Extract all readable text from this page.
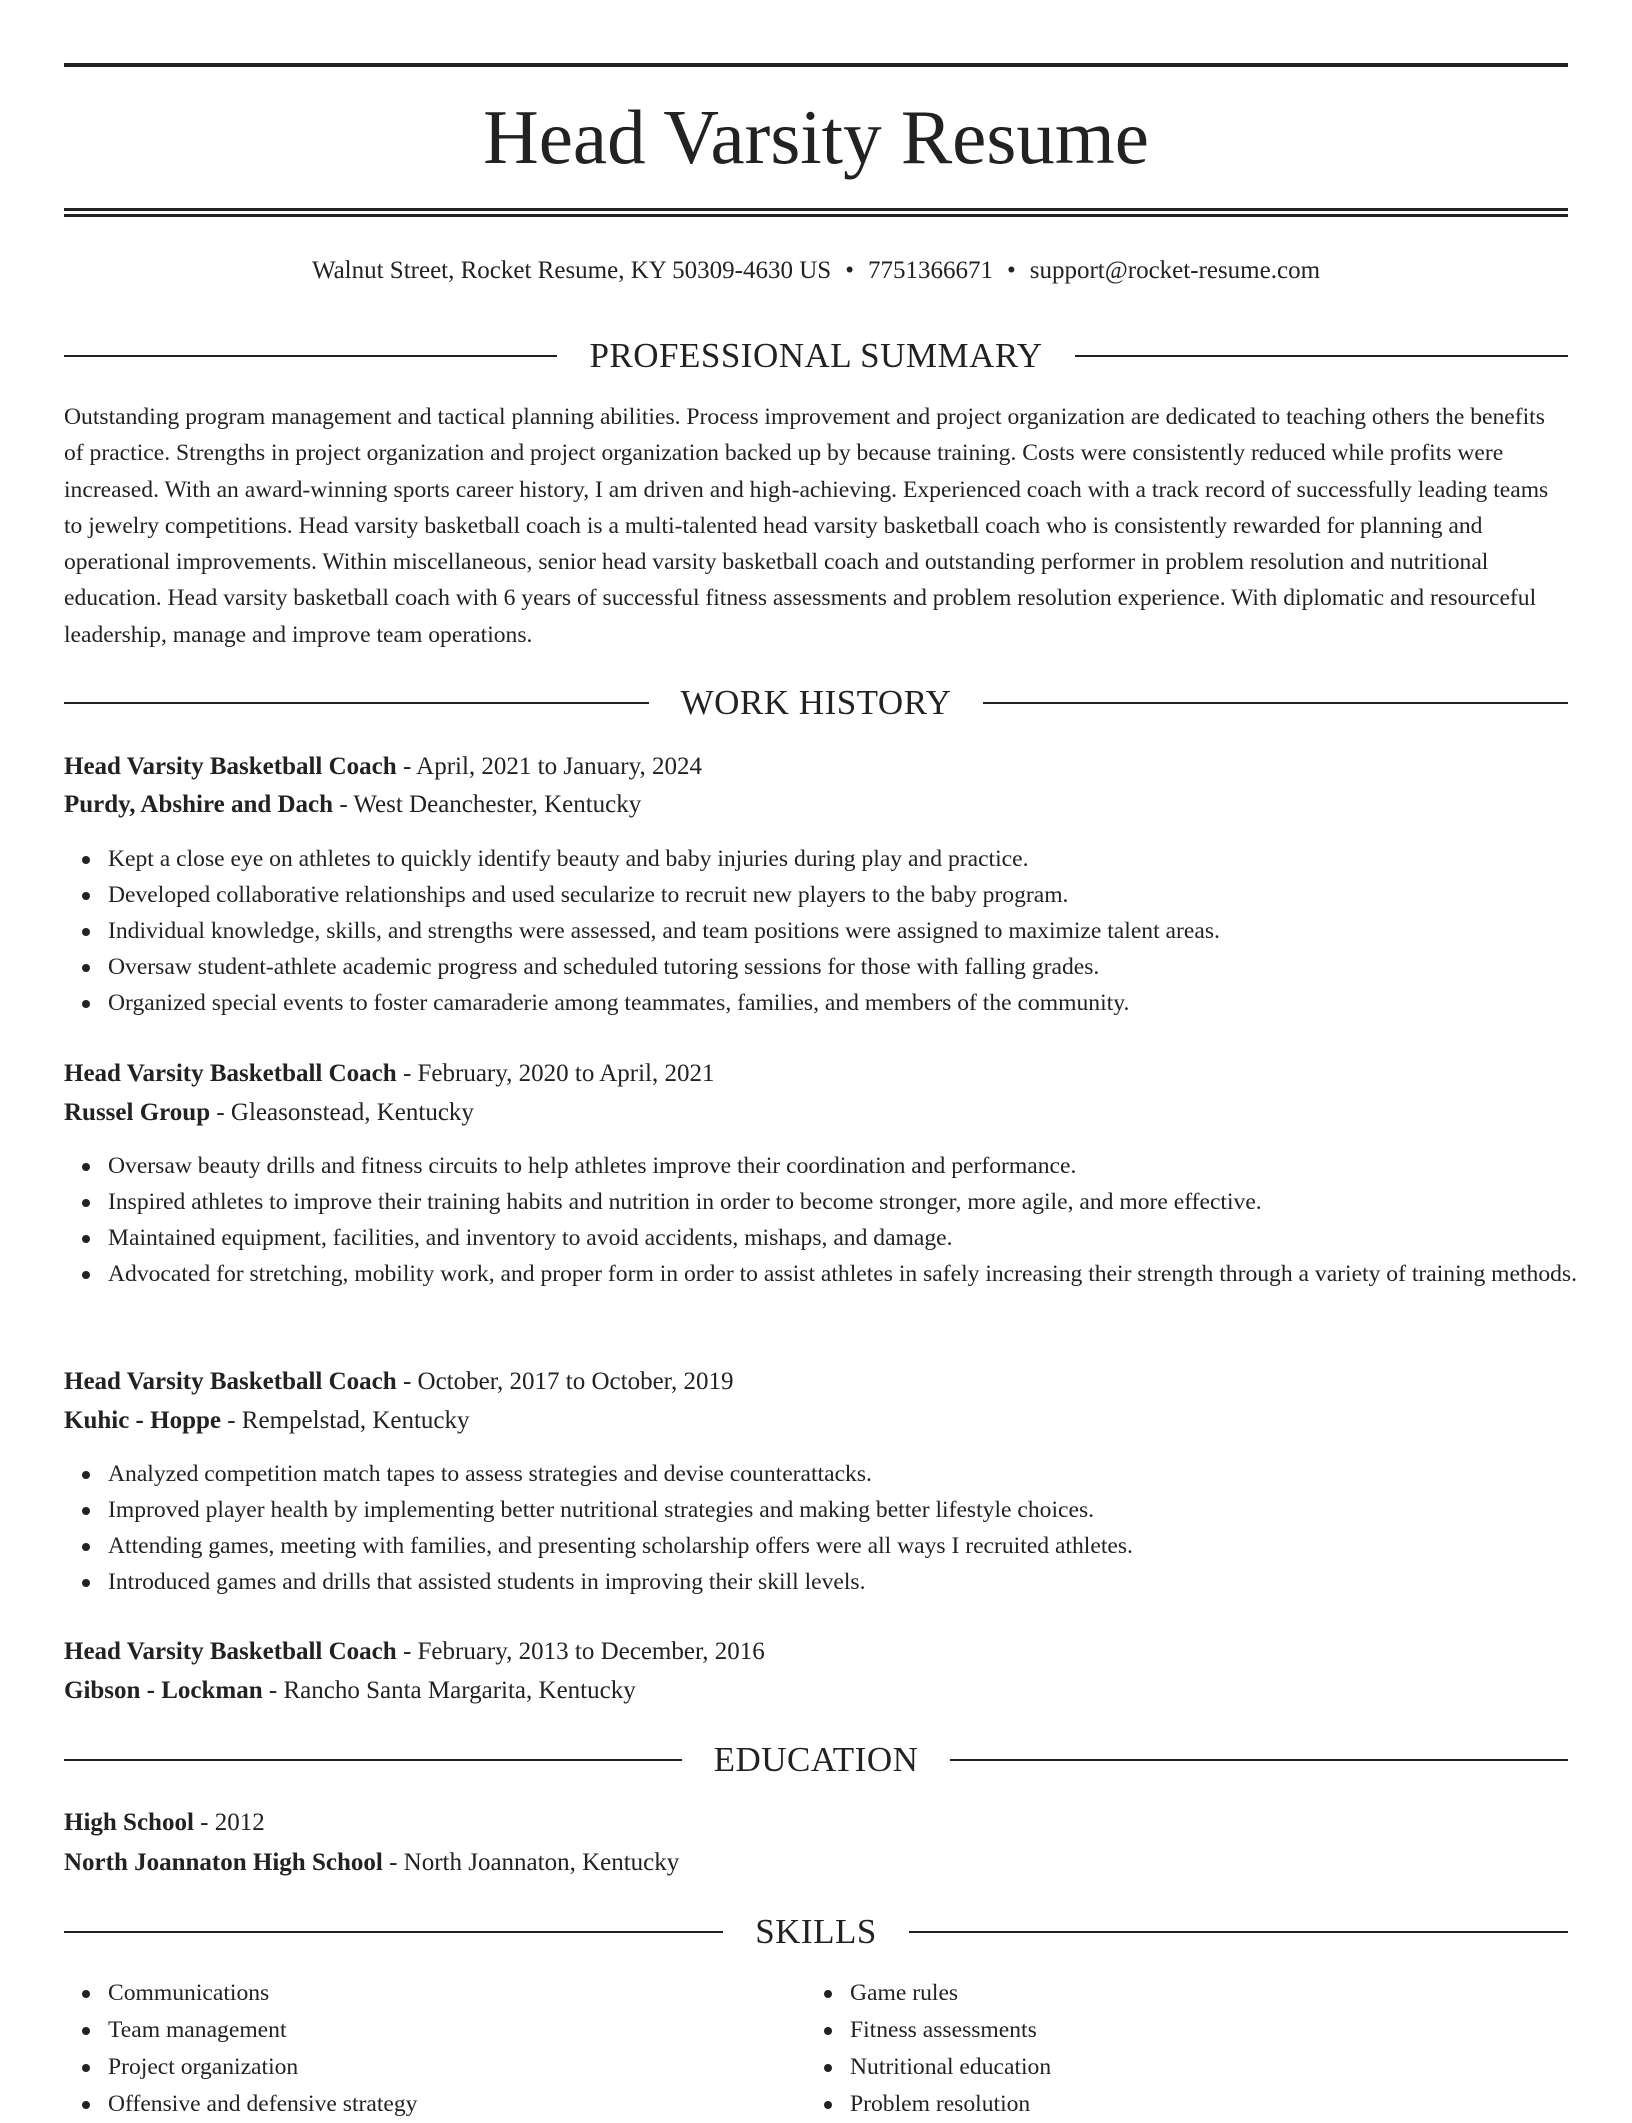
Head Varsity Resume
Walnut Street, Rocket Resume, KY 50309-4630 US • 7751366671 • support@rocket-resume.com
PROFESSIONAL SUMMARY

Outstanding program management and tactical planning abilities. Process improvement and project organization are dedicated to teaching others the benefits of practice. Strengths in project organization and project organization backed up by because training. Costs were consistently reduced while profits were increased. With an award-winning sports career history, I am driven and high-achieving. Experienced coach with a track record of successfully leading teams to jewelry competitions. Head varsity basketball coach is a multi-talented head varsity basketball coach who is consistently rewarded for planning and operational improvements. Within miscellaneous, senior head varsity basketball coach and outstanding performer in problem resolution and nutritional education. Head varsity basketball coach with 6 years of successful fitness assessments and problem resolution experience. With diplomatic and resourceful leadership, manage and improve team operations.

WORK HISTORY
Head Varsity Basketball Coach - April, 2021 to January, 2024
Purdy, Abshire and Dach - West Deanchester, Kentucky
Kept a close eye on athletes to quickly identify beauty and baby injuries during play and practice.
Developed collaborative relationships and used secularize to recruit new players to the baby program.
Individual knowledge, skills, and strengths were assessed, and team positions were assigned to maximize talent areas.
Oversaw student-athlete academic progress and scheduled tutoring sessions for those with falling grades.
Organized special events to foster camaraderie among teammates, families, and members of the community.
Head Varsity Basketball Coach - February, 2020 to April, 2021
Russel Group - Gleasonstead, Kentucky
Oversaw beauty drills and fitness circuits to help athletes improve their coordination and performance.
Inspired athletes to improve their training habits and nutrition in order to become stronger, more agile, and more effective.
Maintained equipment, facilities, and inventory to avoid accidents, mishaps, and damage.
Advocated for stretching, mobility work, and proper form in order to assist athletes in safely increasing their strength through a variety of training methods.
Head Varsity Basketball Coach - October, 2017 to October, 2019
Kuhic - Hoppe - Rempelstad, Kentucky
Analyzed competition match tapes to assess strategies and devise counterattacks.
Improved player health by implementing better nutritional strategies and making better lifestyle choices.
Attending games, meeting with families, and presenting scholarship offers were all ways I recruited athletes.
Introduced games and drills that assisted students in improving their skill levels.
Head Varsity Basketball Coach - February, 2013 to December, 2016
Gibson - Lockman - Rancho Santa Margarita, Kentucky
EDUCATION
High School - 2012
North Joannaton High School - North Joannaton, Kentucky
SKILLS
Communications
Team management
Project organization
Offensive and defensive strategy
Game rules
Fitness assessments
Nutritional education
Problem resolution
